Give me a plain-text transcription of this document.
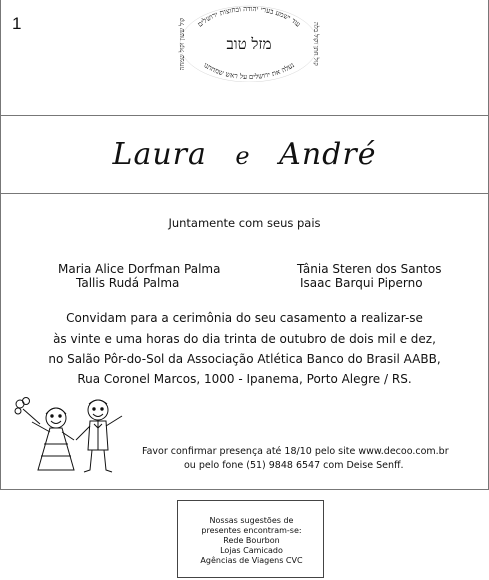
1	עוד ישמע בערי יהודה ובחוצות ירושלים
נעלה את ירושלים על ראש שמחתנו
קול ששון וקול שמחה	קול חתן וקול כלה
מזל טוב
Laura e André
Juntamente com seus pais
Maria Alice Dorfman Palma
Tallis Rudá Palma
Tânia Steren dos Santos
Isaac Barqui Piperno
Convidam para a cerimônia do seu casamento a realizar-se
às vinte e uma horas do dia trinta de outubro de dois mil e dez,
no Salão Pôr-do-Sol da Associação Atlética Banco do Brasil AABB,
Rua Coronel Marcos, 1000 - Ipanema, Porto Alegre / RS.
Favor confirmar presença até 18/10 pelo site www.decoo.com.br
ou pelo fone (51) 9848 6547 com Deise Senff.
Nossas sugestões de
presentes encontram-se:
Rede Bourbon
Lojas Camicado
Agências de Viagens CVC
